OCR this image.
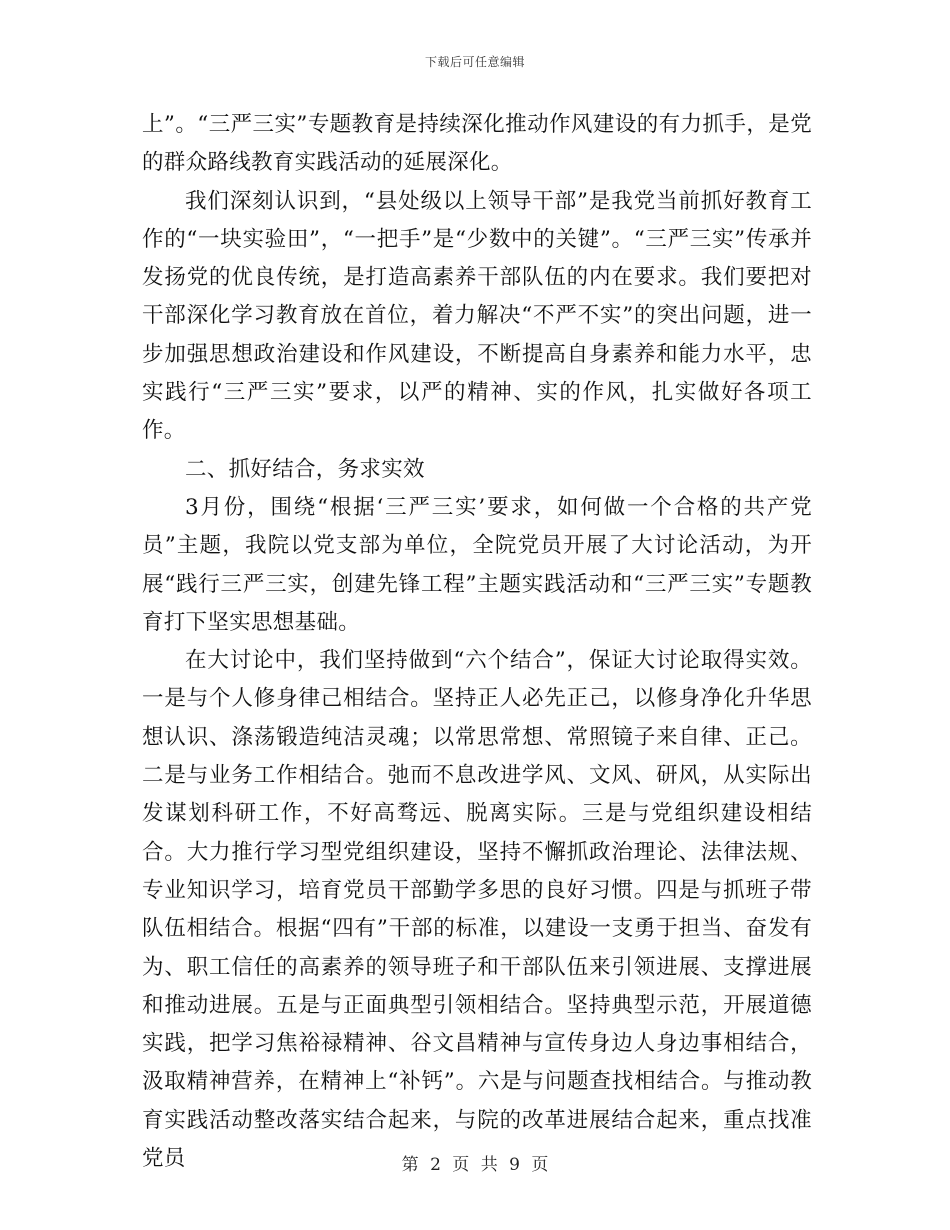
下载后可任意编辑

上”。“三严三实”专题教育是持续深化推动作风建设的有力抓手，是党的群众路线教育实践活动的延展深化。

我们深刻认识到，“县处级以上领导干部”是我党当前抓好教育工作的“一块实验田”，“一把手”是“少数中的关键”。“三严三实”传承并发扬党的优良传统，是打造高素养干部队伍的内在要求。我们要把对干部深化学习教育放在首位，着力解决“不严不实”的突出问题，进一步加强思想政治建设和作风建设，不断提高自身素养和能力水平，忠实践行“三严三实”要求，以严的精神、实的作风，扎实做好各项工作。

二、抓好结合，务求实效

3月份，围绕“根据‘三严三实’要求，如何做一个合格的共产党员”主题，我院以党支部为单位，全院党员开展了大讨论活动，为开展“践行三严三实，创建先锋工程”主题实践活动和“三严三实”专题教育打下坚实思想基础。

在大讨论中，我们坚持做到“六个结合”，保证大讨论取得实效。一是与个人修身律己相结合。坚持正人必先正己，以修身净化升华思想认识、涤荡锻造纯洁灵魂；以常思常想、常照镜子来自律、正己。二是与业务工作相结合。弛而不息改进学风、文风、研风，从实际出发谋划科研工作，不好高骛远、脱离实际。三是与党组织建设相结合。大力推行学习型党组织建设，坚持不懈抓政治理论、法律法规、专业知识学习，培育党员干部勤学多思的良好习惯。四是与抓班子带队伍相结合。根据“四有”干部的标准，以建设一支勇于担当、奋发有为、职工信任的高素养的领导班子和干部队伍来引领进展、支撑进展和推动进展。五是与正面典型引领相结合。坚持典型示范，开展道德实践，把学习焦裕禄精神、谷文昌精神与宣传身边人身边事相结合，汲取精神营养，在精神上“补钙”。六是与问题查找相结合。与推动教育实践活动整改落实结合起来，与院的改革进展结合起来，重点找准党员	第 2 页 共 9 页
